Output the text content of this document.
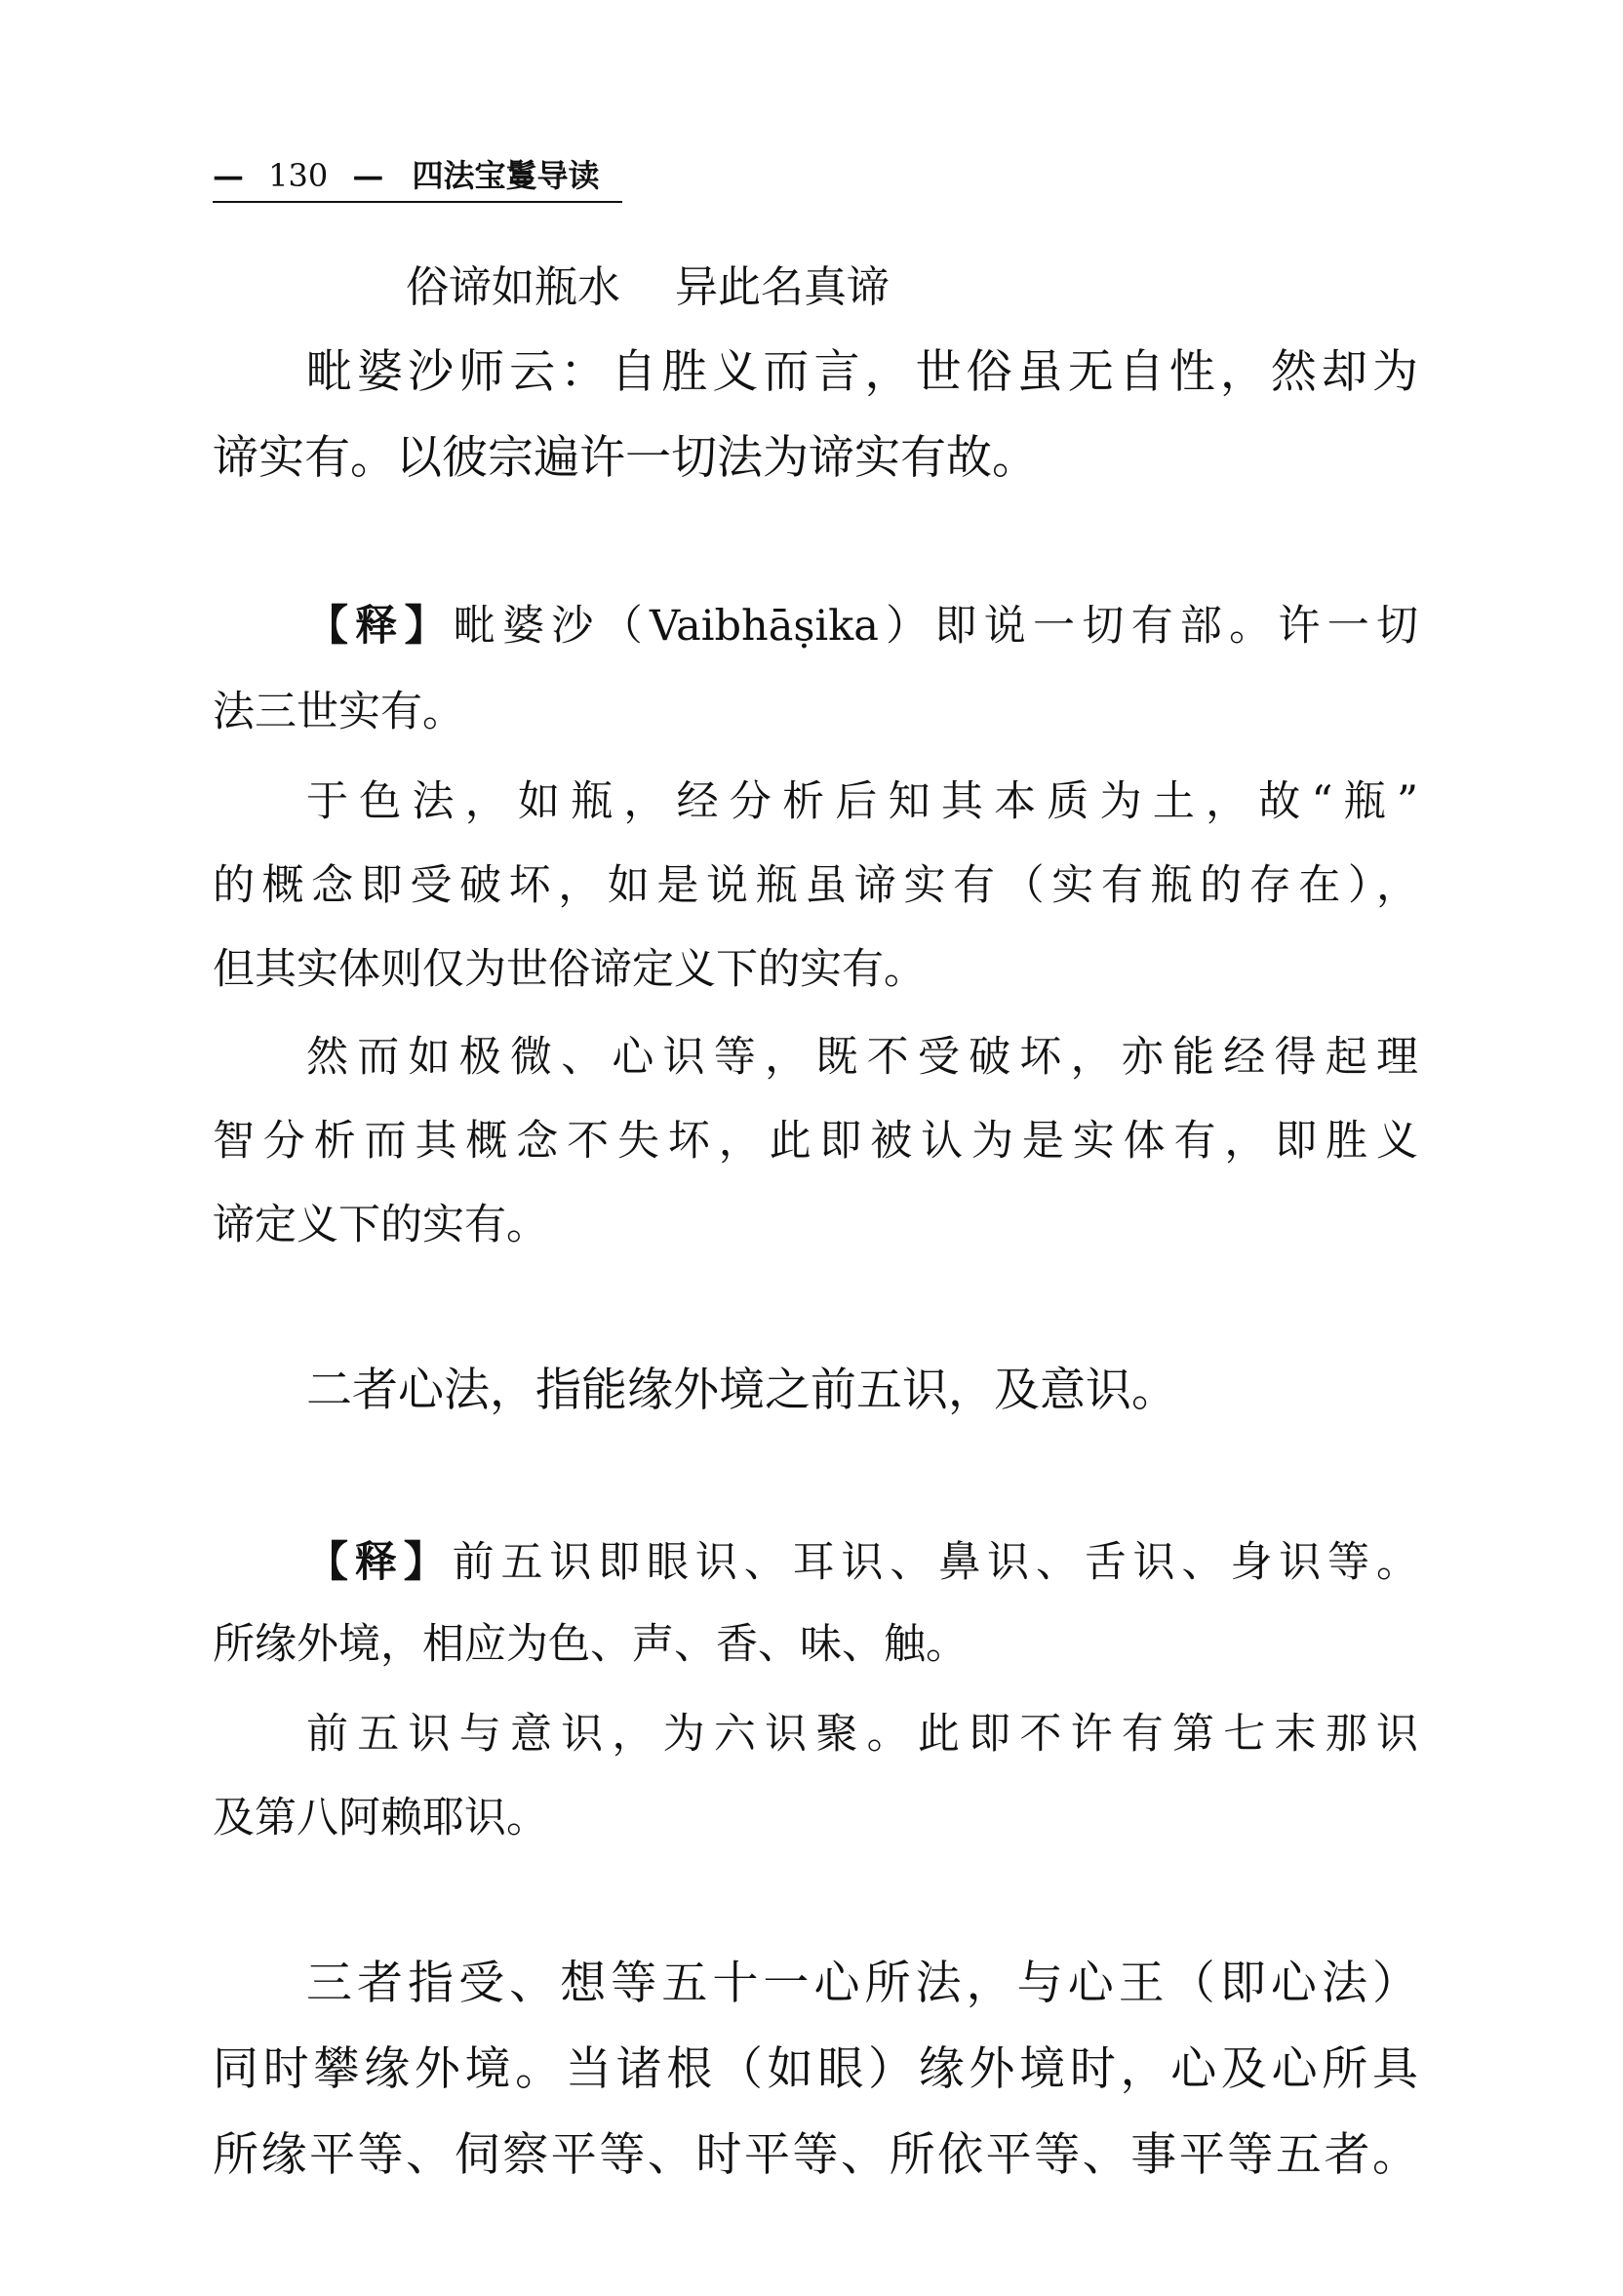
— 130 — 四法宝鬘导读
俗谛如瓶水 异此名真谛
毗婆沙师云：自胜义而言，世俗虽无自性，然却为
谛实有。以彼宗遍许一切法为谛实有故。
【释】毗婆沙（Vaibhāṣika）即说一切有部。许一切
法三世实有。
于色法，如瓶，经分析后知其本质为土，故“瓶”
的概念即受破坏，如是说瓶虽谛实有（实有瓶的存在），
但其实体则仅为世俗谛定义下的实有。
然而如极微、心识等，既不受破坏，亦能经得起理
智分析而其概念不失坏，此即被认为是实体有，即胜义
谛定义下的实有。
二者心法，指能缘外境之前五识，及意识。
【释】前五识即眼识、耳识、鼻识、舌识、身识等。
所缘外境，相应为色、声、香、味、触。
前五识与意识，为六识聚。此即不许有第七末那识
及第八阿赖耶识。
三者指受、想等五十一心所法，与心王（即心法）
同时攀缘外境。当诸根（如眼）缘外境时，心及心所具
所缘平等、伺察平等、时平等、所依平等、事平等五者。
